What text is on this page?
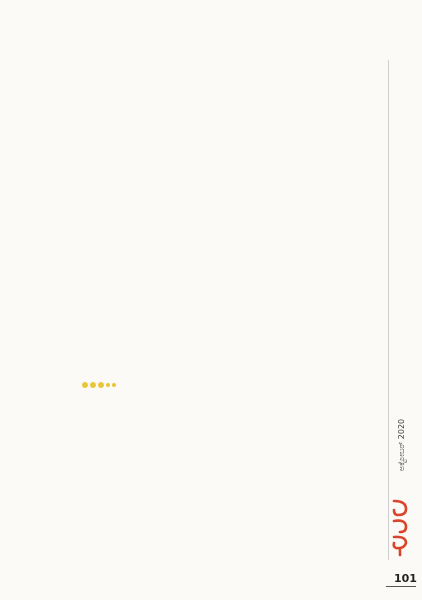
ಅಕ್ಟೋಬರ್ 2020
101
